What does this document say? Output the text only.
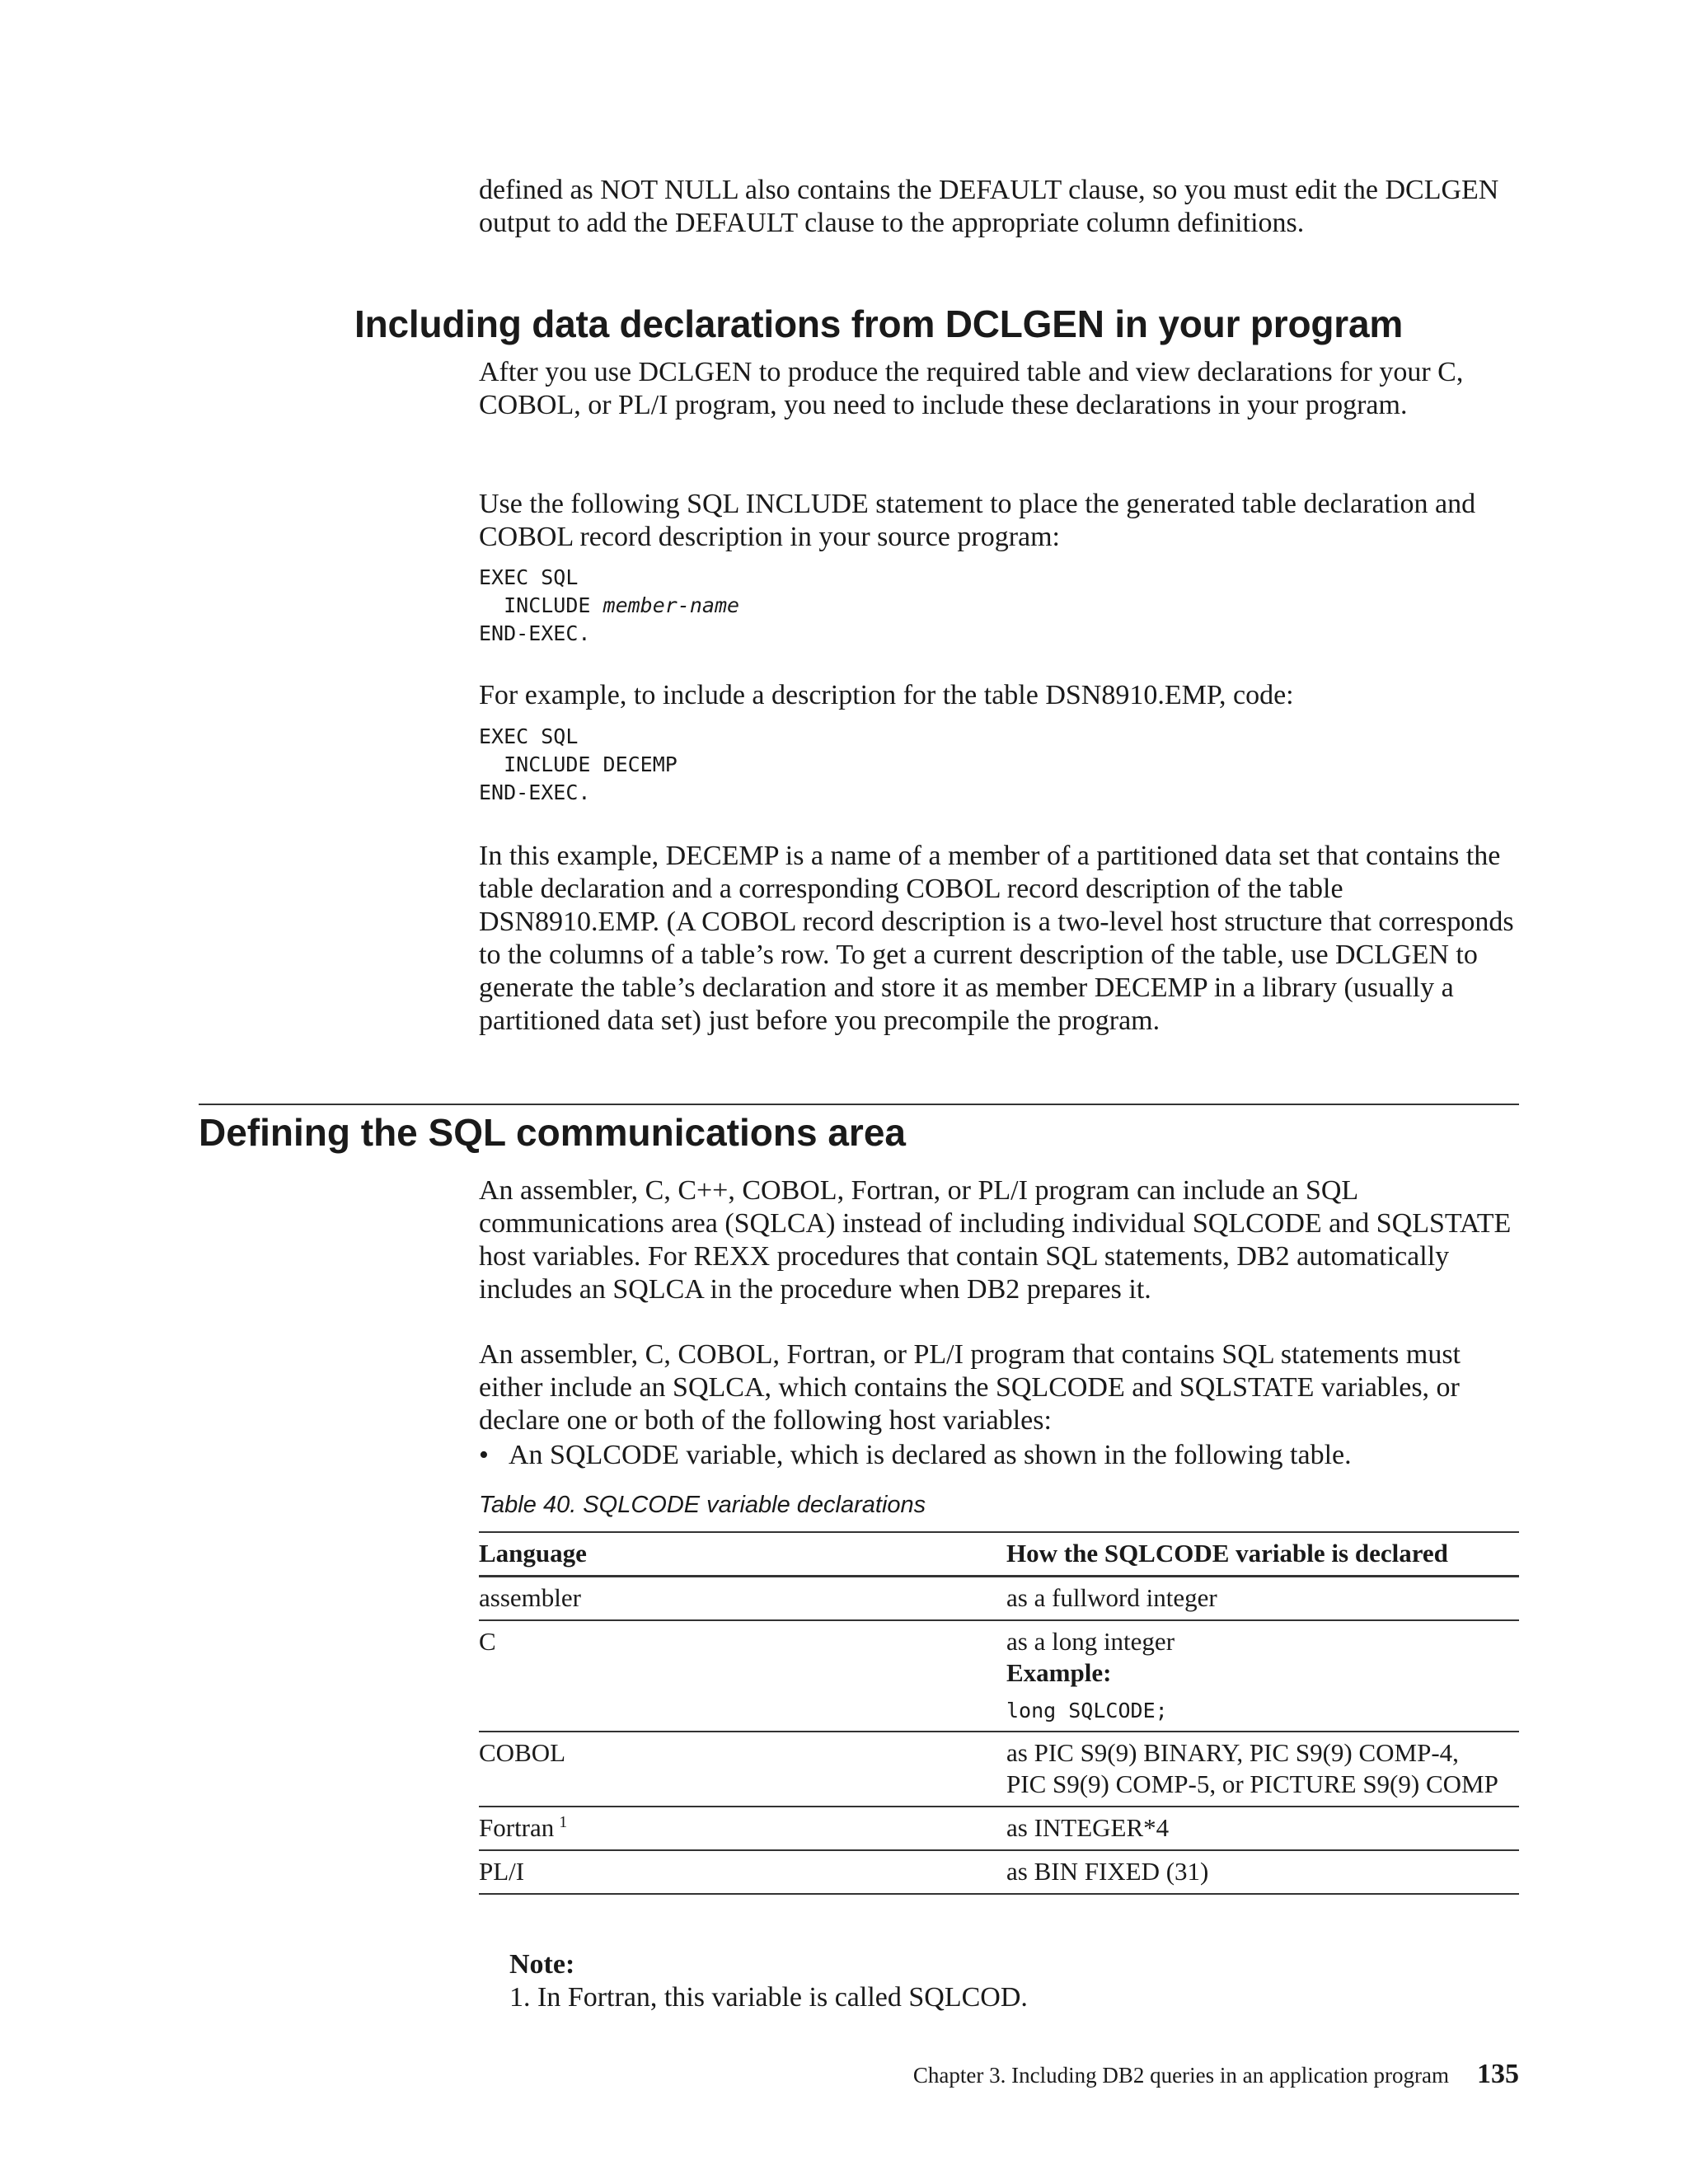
defined as NOT NULL also contains the DEFAULT clause, so you must edit the DCLGEN output to add the DEFAULT clause to the appropriate column definitions.

Including data declarations from DCLGEN in your program

After you use DCLGEN to produce the required table and view declarations for your C, COBOL, or PL/I program, you need to include these declarations in your program.

Use the following SQL INCLUDE statement to place the generated table declaration and COBOL record description in your source program:

EXEC SQL
INCLUDE member-name
END-EXEC.

For example, to include a description for the table DSN8910.EMP, code:

EXEC SQL
INCLUDE DECEMP
END-EXEC.

In this example, DECEMP is a name of a member of a partitioned data set that contains the table declaration and a corresponding COBOL record description of the table DSN8910.EMP. (A COBOL record description is a two-level host structure that corresponds to the columns of a table’s row. To get a current description of the table, use DCLGEN to generate the table’s declaration and store it as member DECEMP in a library (usually a partitioned data set) just before you precompile the program.

Defining the SQL communications area

An assembler, C, C++, COBOL, Fortran, or PL/I program can include an SQL communications area (SQLCA) instead of including individual SQLCODE and SQLSTATE host variables. For REXX procedures that contain SQL statements, DB2 automatically includes an SQLCA in the procedure when DB2 prepares it.

An assembler, C, COBOL, Fortran, or PL/I program that contains SQL statements must either include an SQLCA, which contains the SQLCODE and SQLSTATE variables, or declare one or both of the following host variables:

• An SQLCODE variable, which is declared as shown in the following table.
Table 40. SQLCODE variable declarations
Language	How the SQLCODE variable is declared
assembler	as a fullword integer
C	as a long integer
Example:
long SQLCODE;

COBOL	as PIC S9(9) BINARY, PIC S9(9) COMP-4,
PIC S9(9) COMP-5, or PICTURE S9(9) COMP

Fortran $^1$	as INTEGER*4
PL/I	as BIN FIXED (31)
Note:
1. In Fortran, this variable is called SQLCOD.
Chapter 3. Including DB2 queries in an application program 135
